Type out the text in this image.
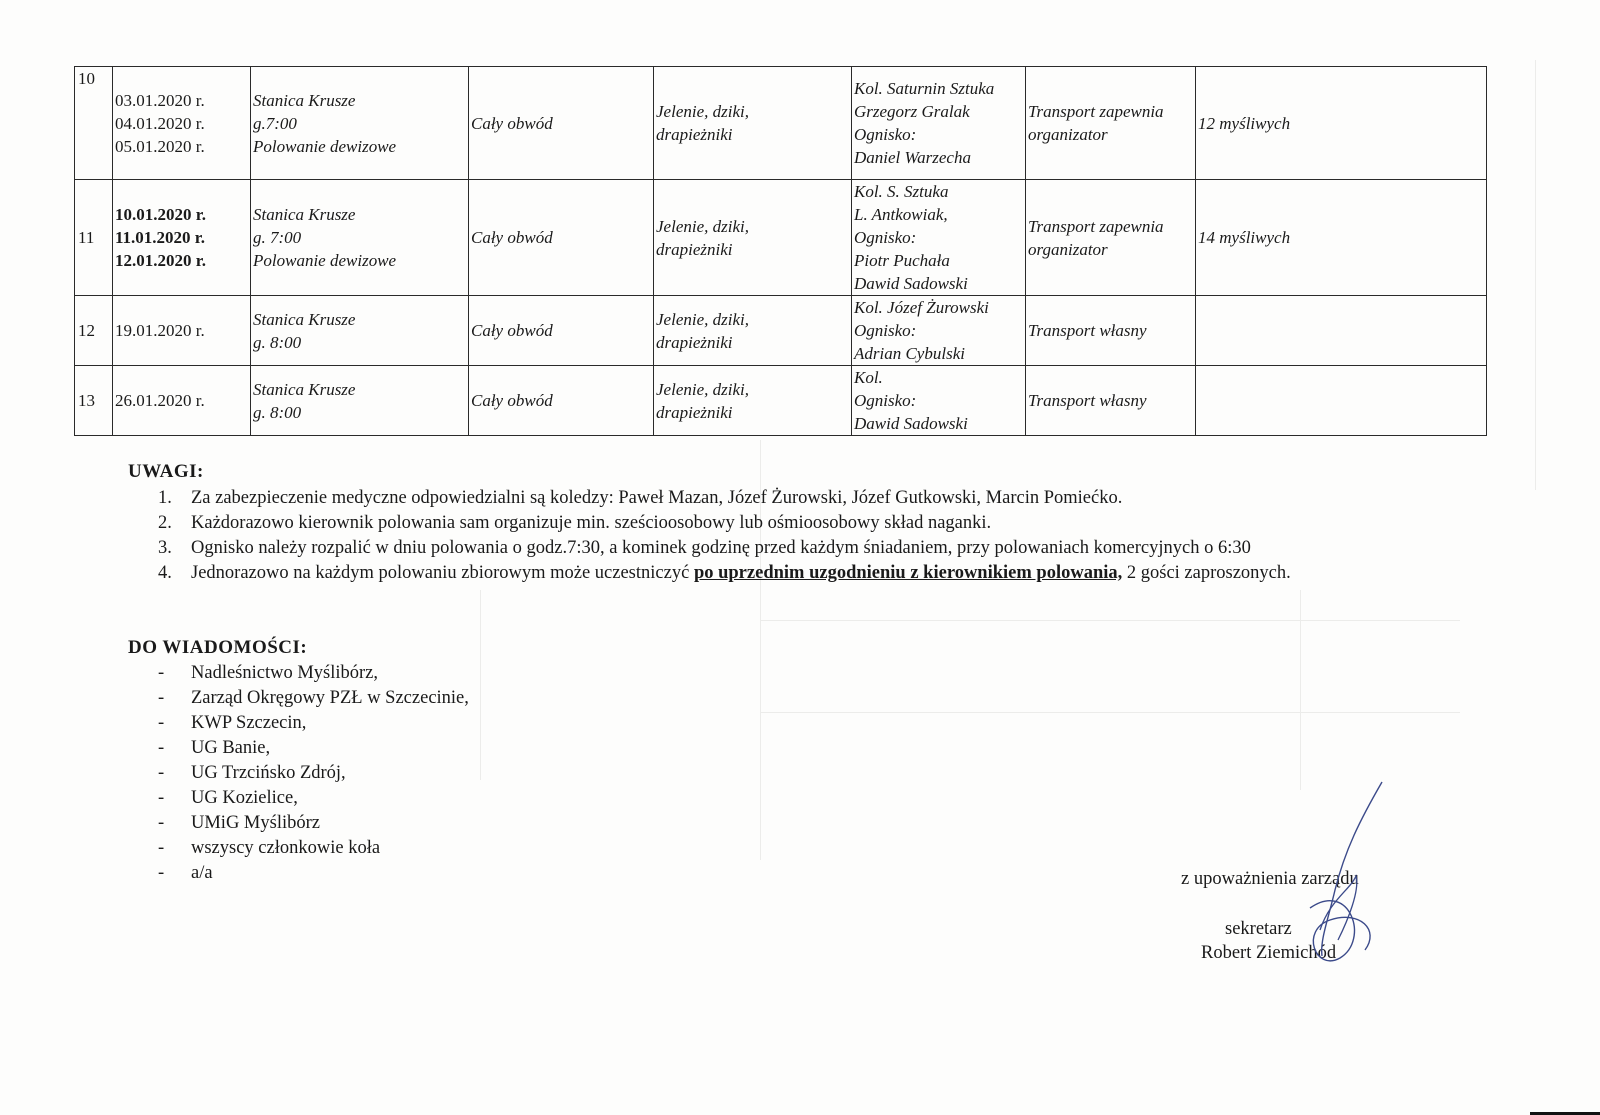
10	03.01.2020 r.
04.01.2020 r.
05.01.2020 r.	Stanica Krusze
g.7:00
Polowanie dewizowe	Cały obwód	Jelenie, dziki,
drapieżniki	Kol. Saturnin Sztuka
Grzegorz Gralak
Ognisko:
Daniel Warzecha	Transport zapewnia
organizator	12 myśliwych

11	10.01.2020 r.
11.01.2020 r.
12.01.2020 r.	Stanica Krusze
g. 7:00
Polowanie dewizowe	Cały obwód	Jelenie, dziki,
drapieżniki	Kol. S. Sztuka
L. Antkowiak,
Ognisko:
Piotr Puchała
Dawid Sadowski	Transport zapewnia
organizator	14 myśliwych

12	19.01.2020 r.	Stanica Krusze
g. 8:00	Cały obwód	Jelenie, dziki,
drapieżniki	Kol. Józef Żurowski
Ognisko:
Adrian Cybulski	Transport własny	

13	26.01.2020 r.	Stanica Krusze
g. 8:00	Cały obwód	Jelenie, dziki,
drapieżniki	Kol.
Ognisko:
Dawid Sadowski	Transport własny	

UWAGI:
1. Za zabezpieczenie medyczne odpowiedzialni są koledzy: Paweł Mazan, Józef Żurowski, Józef Gutkowski, Marcin Pomiećko.
2. Każdorazowo kierownik polowania sam organizuje min. sześcioosobowy lub ośmioosobowy skład naganki.
3. Ognisko należy rozpalić w dniu polowania o godz.7:30, a kominek godzinę przed każdym śniadaniem, przy polowaniach komercyjnych o 6:30
4. Jednorazowo na każdym polowaniu zbiorowym może uczestniczyć po uprzednim uzgodnieniu z kierownikiem polowania, 2 gości zaproszonych.
DO WIADOMOŚCI:
- Nadleśnictwo Myślibórz,
- Zarząd Okręgowy PZŁ w Szczecinie,
- KWP Szczecin,
- UG Banie,
- UG Trzcińsko Zdrój,
- UG Kozielice,
- UMiG Myślibórz
- wszyscy członkowie koła
- a/a	z upoważnienia zarządu
sekretarz
Robert Ziemichód
